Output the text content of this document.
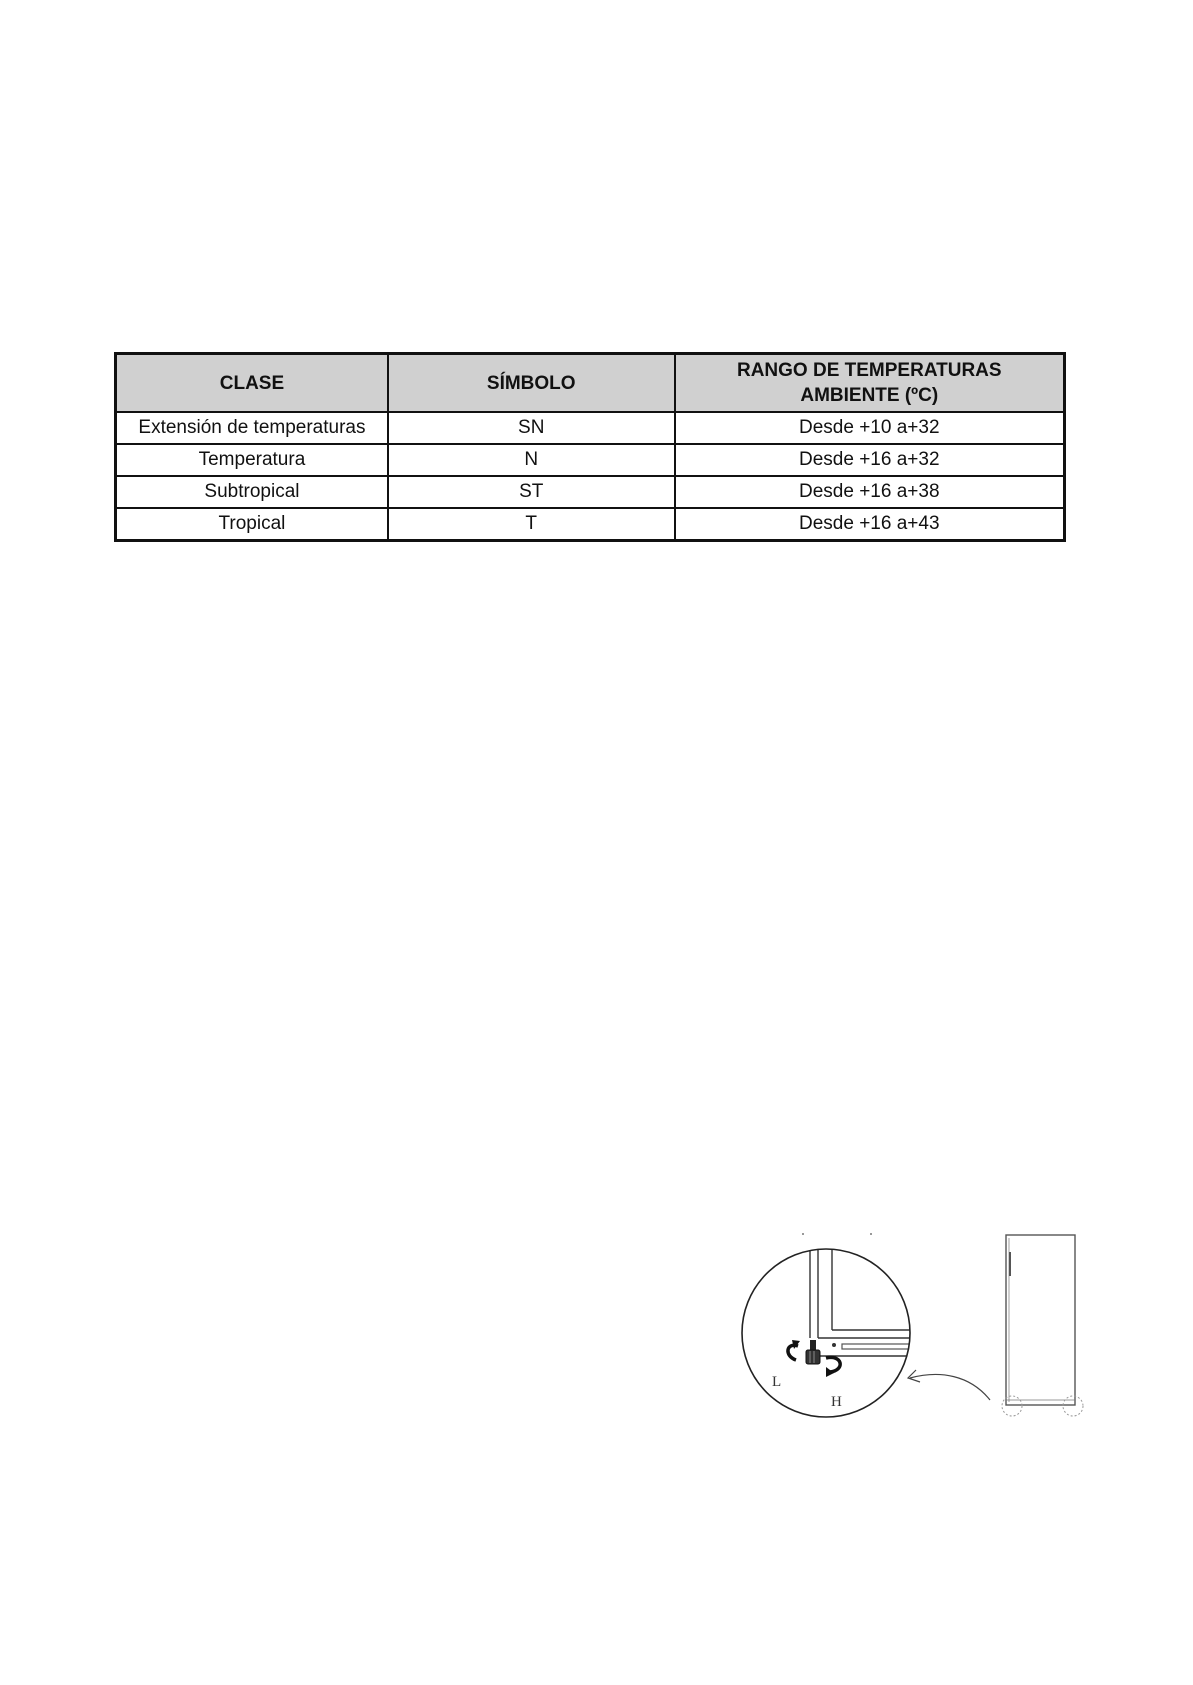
CLASE	SÍMBOLO	RANGO DE TEMPERATURAS
AMBIENTE (ºC)
Extensión de temperaturas	SN	Desde +10 a+32
Temperatura	N	Desde +16 a+32
Subtropical	ST	Desde +16 a+38
Tropical	T	Desde +16 a+43
L
H
